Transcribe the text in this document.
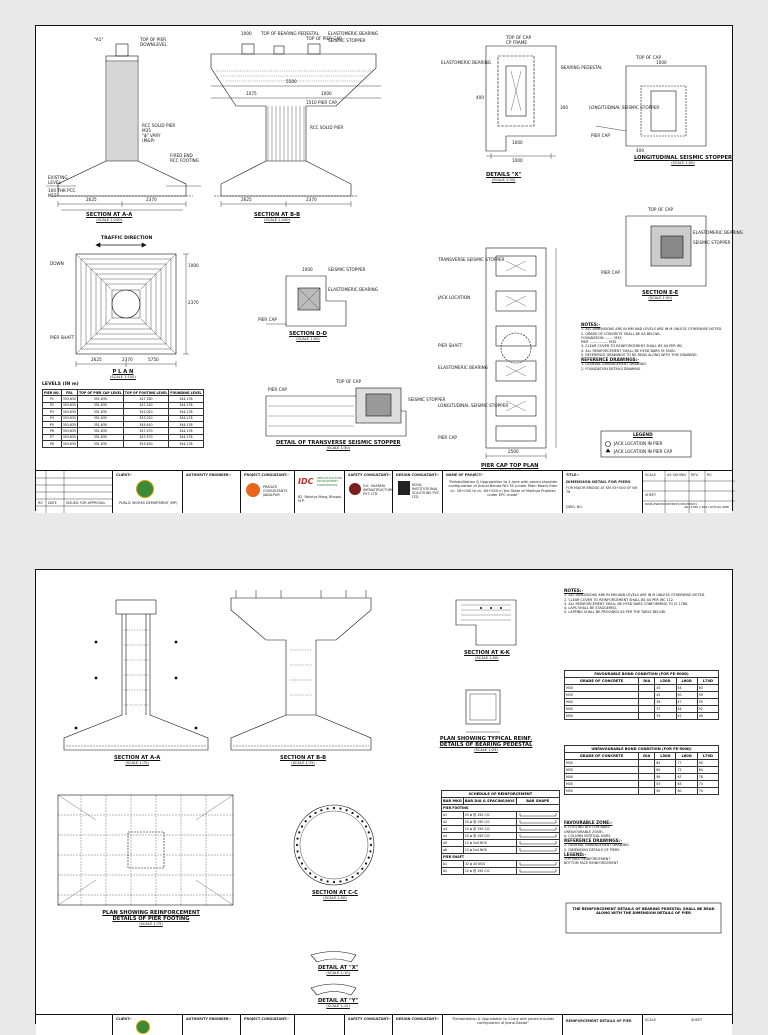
"A1"	TOP OF PIER
DOWN LEVEL
RCC SOLID PIER
M35
"ϕ" VARY
(M&P)
FIXED END
RCC FOOTING
EXISTING
LEVEL
100 THK PCC
M15
2625	2370
SECTION AT A-A
(SCALE 1:100)
1000 TOP OF BEARING PEDESTAL
TOP OF PIER CAP
ELASTOMERIC BEARING
SEISMIC STOPPER
5500
1075	1000
1510 PIER CAP
RCC SOLID PIER
2625	2370
SECTION AT B-B
(SCALE 1:100)
TOP OF CAP
CP FRAME
ELASTOMERIC BEARING
BEARING PEDESTAL
1000
400
300
1000
DETAILS "X"
(SCALE 1:30)
TOP OF CAP
1000
400
LONGITUDINAL SEISMIC STOPPER
PIER CAP
LONGITUDINAL SEISMIC STOPPER
(SCALE 1:50)
TRAFFIC DIRECTION
DOWN	1000
2625	2370	5750
2370
PIER SHAFT
P L A N
(SCALE 1:100)
PIER CAP
ELASTOMERIC BEARING
SEISMIC STOPPER
1000
SECTION D-D
(SCALE 1:50)
PIER CAP
TOP OF CAP
SEISMIC STOPPER
DETAIL OF TRANSVERSE SEISMIC STOPPER
(SCALE 1:50)
TRANSVERSE SEISMIC STOPPER
JACK LOCATION
PIER SHAFT
ELASTOMERIC BEARING
LONGITUDINAL SEISMIC STOPPER
PIER CAP
2500
PIER CAP TOP PLAN
TOP OF CAP
ELASTOMERIC BEARING
SEISMIC STOPPER
PIER CAP
SECTION E-E
(SCALE 1:50)
NOTES:-
1. ALL DIMENSIONS ARE IN MM AND LEVELS ARE IN M UNLESS OTHERWISE NOTED.
2. GRADE OF CONCRETE SHALL BE AS BELOW:-
FOUNDATION ........ M35
PIER ................. M35
3. CLEAR COVER TO REINFORCEMENT SHALL BE AS PER IRC.
4. ALL REINFORCEMENT SHALL BE HYSD BARS Fe 500D.
5. REFERENCE DRAWINGS TO BE READ ALONG WITH THIS DRAWING.
REFERENCE DRAWINGS:-
1. GENERAL ARRANGEMENT DRAWING
2. FOUNDATION DETAILS DRAWING
LEGEND
JACK LOCATION IN PIER
JACK LOCATION IN PIER CAP
LEVELS (IN m)
PIER NO.	FRL	TOP OF PIER CAP LEVEL	TOP OF FOOTING LEVEL	FOUNDING LEVEL
P1	353.635	351.635	347.780	344.178
P2	353.635	351.635	347.140	344.178
P3	353.635	351.635	347.010	344.178
P4	353.635	351.635	347.010	344.178
P5	353.635	351.635	345.910	344.178
P6	353.635	351.635	347.570	344.178
P7	353.635	351.635	347.570	344.178
P8	353.635	351.635	353.450	344.178
R0 DATE	ISSUED FOR APPROVAL
CLIENT:-
PUBLIC WORKS DEPARTMENT (MP)
AUTHORITY ENGINEER:-	PROJECT CONSULTANT:-
PRAGATI CONSULTANTS JABALPUR
IDC INFRASTRUCTURE DEVELOPMENT CORPORATION
82, Malviya Marg, Bhopal, M.P.
SAFETY CONSULTANT:-
S.K. SHARMA INFRASTRUCTURE PVT. LTD.
DESIGN CONSULTANT:-
NOVA INSTITUTIONAL SOLUTIONS PVT. LTD.
NAME OF PROJECT:-
"Rehabilitation & Upgradation to 2-lane with paved shoulder configuration of Jhansi-Banda NH-76 (under Main Road) from ch. 28+000 to ch. 60+500 in the State of Madhya Pradesh under EPC mode"
TITLE:-
DIMENSION DETAIL FOR PIERS
FOR MAJOR BRIDGE AT KM 55+000 OF NH 76
DWG. NO.
SCALE	AS SHOWN
SHEET
NISPL/PWD/SDCB/MB/55/STR/PIER/01
REV.	R0
A0 (1189 x 841) ACTUAL SIZE
SECTION AT A-A
(SCALE 1:75)
SECTION AT B-B
(SCALE 1:75)
SECTION AT K-K
(SCALE 1:50)
PLAN SHOWING TYPICAL REINF. DETAILS OF BEARING PEDESTAL
(SCALE 1:25)
PLAN SHOWING REINFORCEMENT DETAILS OF PIER FOOTING
(SCALE 1:75)
SECTION AT C-C
(SCALE 1:50)
DETAIL AT "X"
(SCALE 1:10)
DETAIL AT "Y"
(SCALE 1:10)
SCHEDULE OF REINFORCEMENT		
BAR MKG	BAR DIA & SPACING/NOS	BAR SHAPE
PIER FOOTING		
a1	25 φ @ 150 C/C	
a2	25 φ @ 150 C/C	
a3	12 φ @ 150 C/C	
a4	12 φ @ 150 C/C	
a5	12 φ 2x4 NOS	
a6	12 φ 2x4 NOS	
PIER SHAFT		
b1	32 φ 45 NOS	
b2	12 φ @ 150 C/C	
NOTES:-
1. ALL DIMENSIONS ARE IN MM AND LEVELS ARE IN M UNLESS OTHERWISE NOTED.
2. CLEAR COVER TO REINFORCEMENT SHALL BE AS PER IRC 112.
3. ALL REINFORCEMENT SHALL BE HYSD BARS CONFORMING TO IS 1786.
4. LAPS SHALL BE STAGGERED.
5. LAPPING SHALL BE PROVIDED AS PER THE TABLE BELOW.
FAVOURABLE BOND CONDITION (FOR FE-500D)				
GRADE OF CONCRETE	DIA	L50D	L60D	L70D
M30		45	54	63
M35		42	50	59
M40		39	47	55
M45		37	44	52
M50		35	42	49
UNFAVOURABLE BOND CONDITION (FOR FE-500D)				
GRADE OF CONCRETE	DIA	L50D	L60D	L70D
M30		64	77	90
M35		60	72	84
M40		56	67	78
M45		53	63	74
M50		50	60	70
FAVOURABLE ZONE:-
a. FOOTING BOTTOM BARS
UNFAVOURABLE ZONE:-
a. COLUMN VERTICAL BARS
REFERENCE DRAWINGS:-
1. GENERAL ARRANGEMENT DRAWING
2. DIMENSION DETAILS OF PIERS
LEGEND:-
TOP FACE REINFORCEMENT
BOTTOM FACE REINFORCEMENT
THE REINFORCEMENT DETAILS OF BEARING PEDESTAL SHALL BE READ ALONG WITH THE DIMENSION DETAILS OF PIER
CLIENT:-	AUTHORITY ENGINEER:-	PROJECT CONSULTANT:-	SAFETY CONSULTANT:- DESIGN CONSULTANT:-	"Rehabilitation & Upgradation to 2-lane with paved shoulder configuration of Jhansi-Banda"
REINFORCEMENT DETAILS OF PIER	SCALE	SHEET
